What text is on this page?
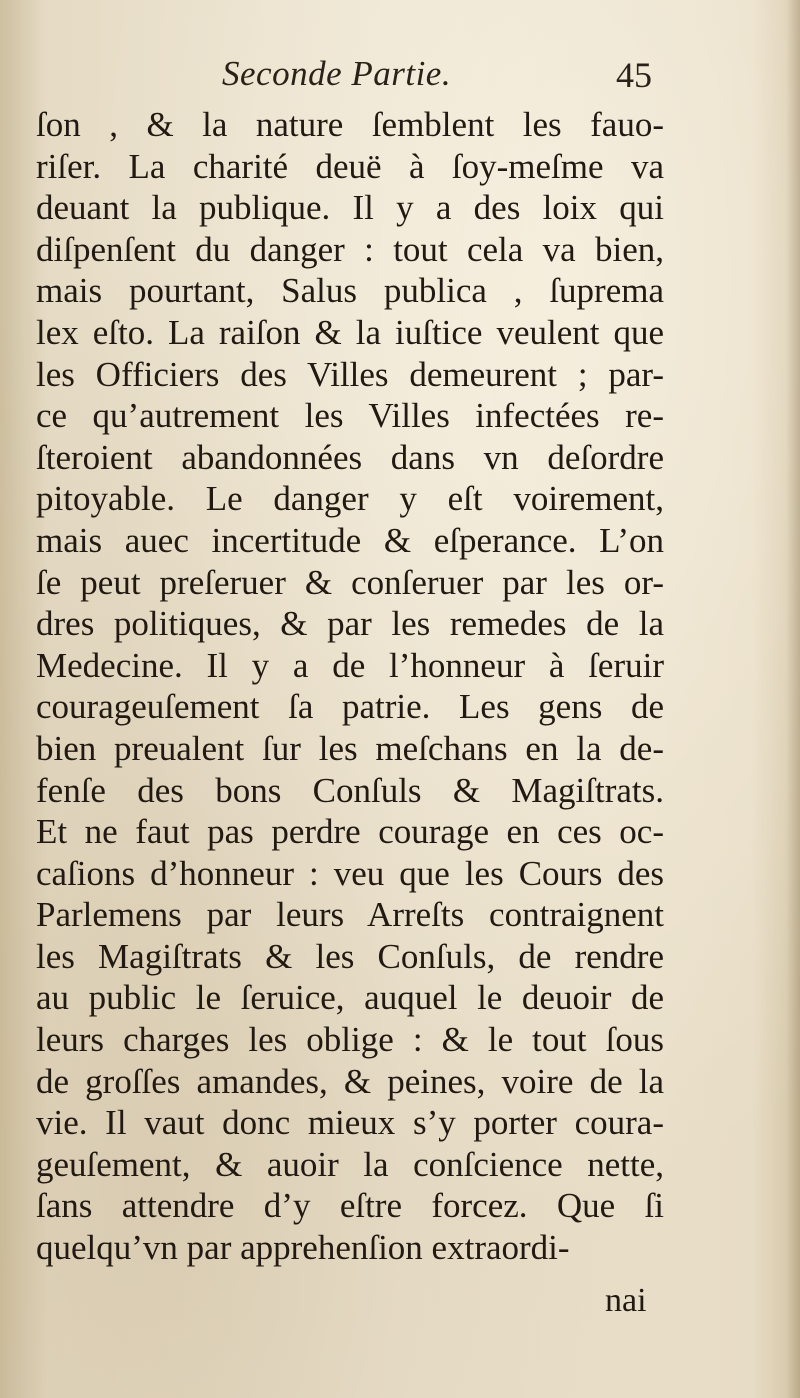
Seconde Partie.	45
ſon , & la nature ſemblent les fauo-
riſer. La charité deuë à ſoy-meſme va
deuant la publique. Il y a des loix qui
diſpenſent du danger : tout cela va bien,
mais pourtant, Salus publica , ſuprema
lex eſto. La raiſon & la iuſtice veulent que
les Officiers des Villes demeurent ; par-
ce qu’autrement les Villes infectées re-
ſteroient abandonnées dans vn deſordre
pitoyable. Le danger y eſt voirement,
mais auec incertitude & eſperance. L’on
ſe peut preſeruer & conſeruer par les or-
dres politiques, & par les remedes de la
Medecine. Il y a de l’honneur à ſeruir
courageuſement ſa patrie. Les gens de
bien preualent ſur les meſchans en la de-
fenſe des bons Conſuls & Magiſtrats.
Et ne faut pas perdre courage en ces oc-
caſions d’honneur : veu que les Cours des
Parlemens par leurs Arreſts contraignent
les Magiſtrats & les Conſuls, de rendre
au public le ſeruice, auquel le deuoir de
leurs charges les oblige : & le tout ſous
de groſſes amandes, & peines, voire de la
vie. Il vaut donc mieux s’y porter coura-
geuſement, & auoir la conſcience nette,
ſans attendre d’y eſtre forcez. Que ſi
quelqu’vn par apprehenſion extraordi-
nai
